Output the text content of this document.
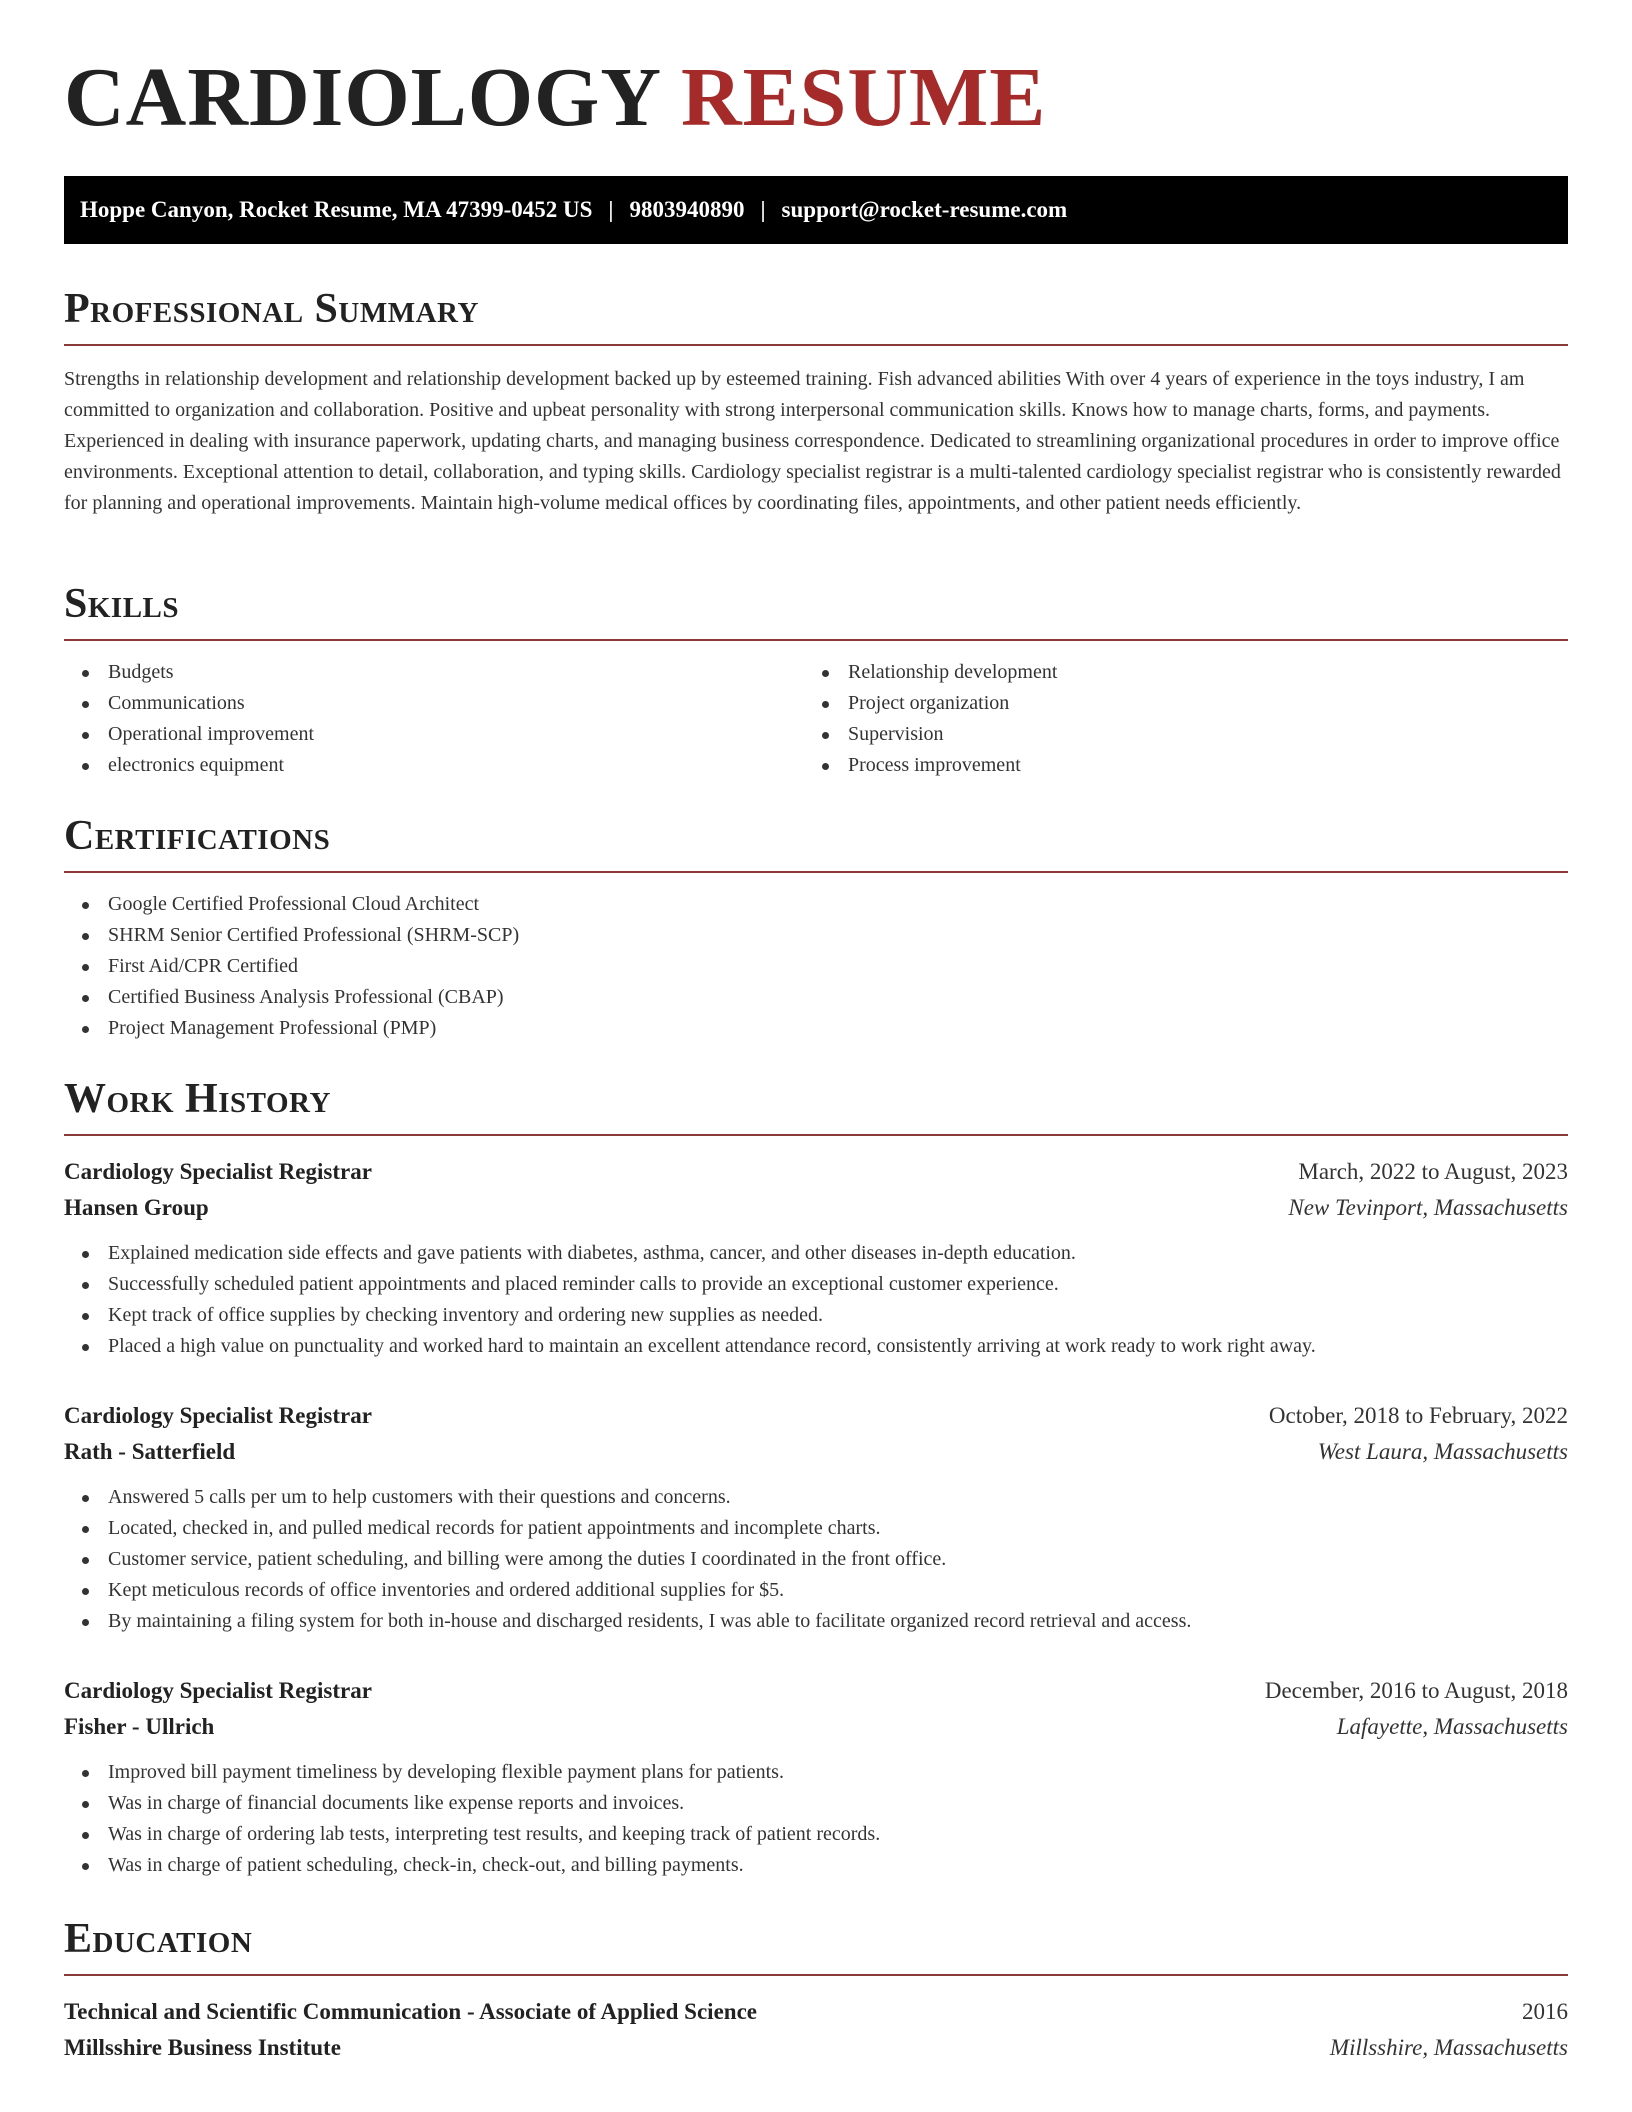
CARDIOLOGY RESUME
Hoppe Canyon, Rocket Resume, MA 47399-0452 US | 9803940890 | support@rocket-resume.com
Professional Summary

Strengths in relationship development and relationship development backed up by esteemed training. Fish advanced abilities With over 4 years of experience in the toys industry, I am committed to organization and collaboration. Positive and upbeat personality with strong interpersonal communication skills. Knows how to manage charts, forms, and payments. Experienced in dealing with insurance paperwork, updating charts, and managing business correspondence. Dedicated to streamlining organizational procedures in order to improve office environments. Exceptional attention to detail, collaboration, and typing skills. Cardiology specialist registrar is a multi-talented cardiology specialist registrar who is consistently rewarded for planning and operational improvements. Maintain high-volume medical offices by coordinating files, appointments, and other patient needs efficiently.

Skills
Budgets
Communications
Operational improvement
electronics equipment
Relationship development
Project organization
Supervision
Process improvement
Certifications
Google Certified Professional Cloud Architect
SHRM Senior Certified Professional (SHRM-SCP)
First Aid/CPR Certified
Certified Business Analysis Professional (CBAP)
Project Management Professional (PMP)
Work History
Cardiology Specialist Registrar	March, 2022 to August, 2023
Hansen Group	New Tevinport, Massachusetts
Explained medication side effects and gave patients with diabetes, asthma, cancer, and other diseases in-depth education.
Successfully scheduled patient appointments and placed reminder calls to provide an exceptional customer experience.
Kept track of office supplies by checking inventory and ordering new supplies as needed.
Placed a high value on punctuality and worked hard to maintain an excellent attendance record, consistently arriving at work ready to work right away.
Cardiology Specialist Registrar	October, 2018 to February, 2022
Rath - Satterfield	West Laura, Massachusetts
Answered 5 calls per um to help customers with their questions and concerns.
Located, checked in, and pulled medical records for patient appointments and incomplete charts.
Customer service, patient scheduling, and billing were among the duties I coordinated in the front office.
Kept meticulous records of office inventories and ordered additional supplies for $5.
By maintaining a filing system for both in-house and discharged residents, I was able to facilitate organized record retrieval and access.
Cardiology Specialist Registrar	December, 2016 to August, 2018
Fisher - Ullrich	Lafayette, Massachusetts
Improved bill payment timeliness by developing flexible payment plans for patients.
Was in charge of financial documents like expense reports and invoices.
Was in charge of ordering lab tests, interpreting test results, and keeping track of patient records.
Was in charge of patient scheduling, check-in, check-out, and billing payments.
Education
Technical and Scientific Communication - Associate of Applied Science	2016
Millsshire Business Institute	Millsshire, Massachusetts
